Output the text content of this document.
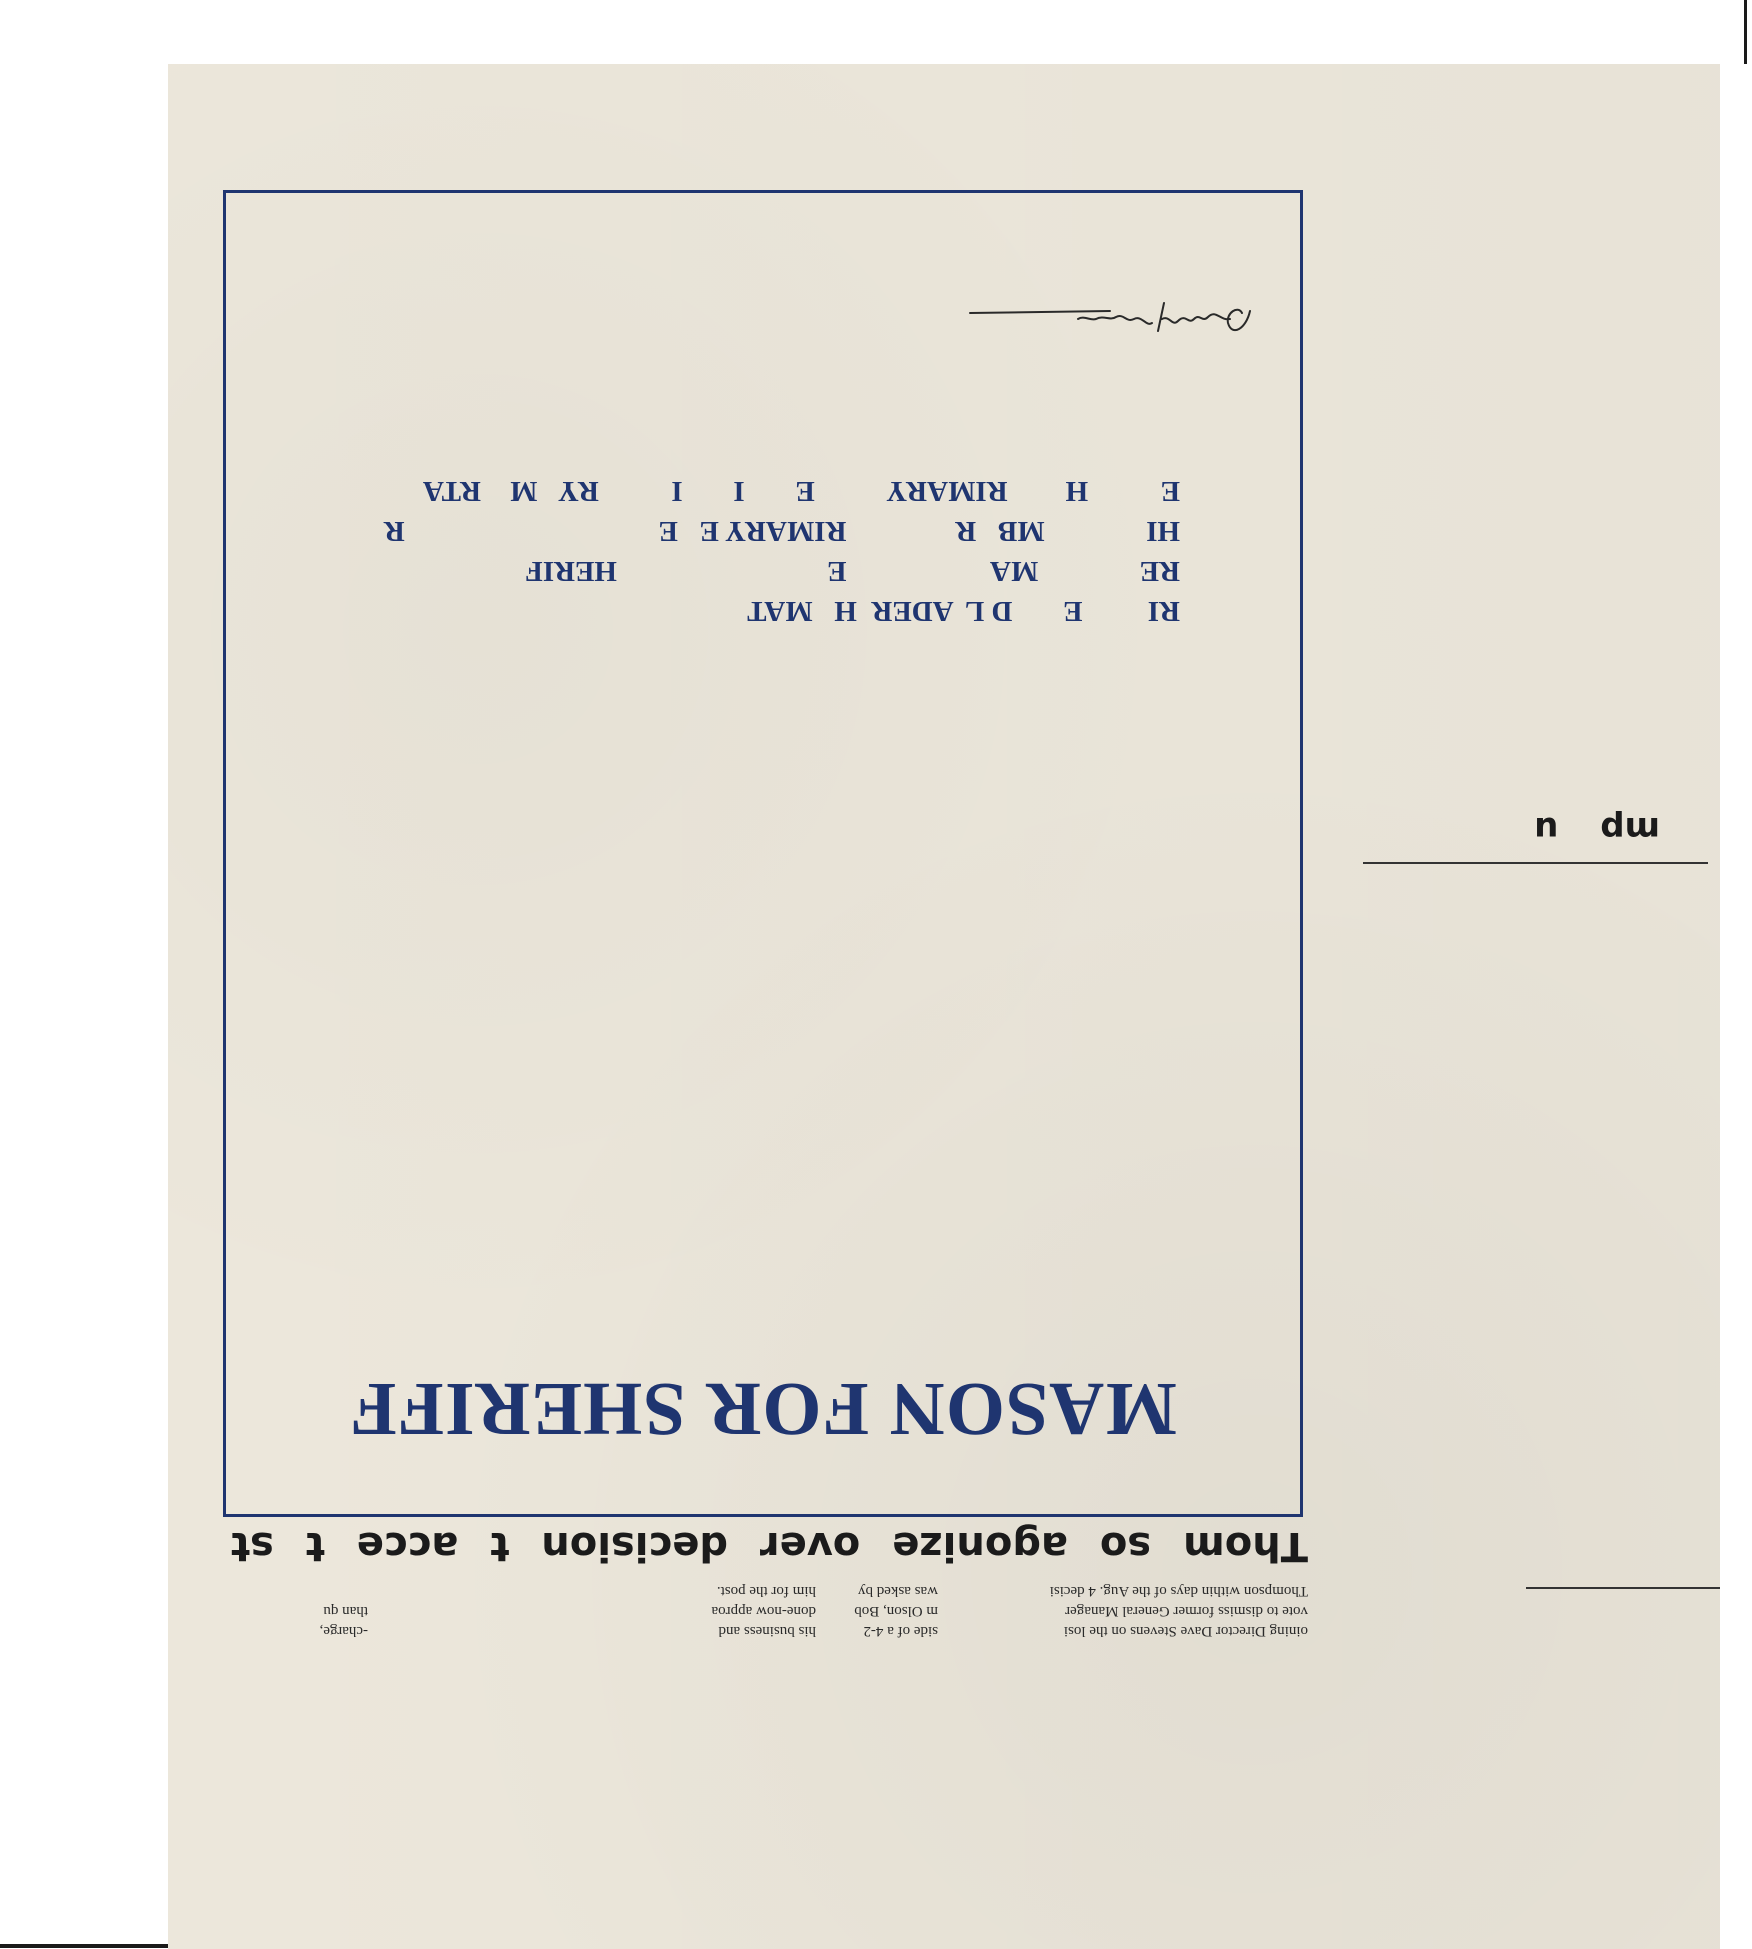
Thom so agonize over decision t acce t st
oining Director Dave Stevens on the losi
vote to dismiss former General Manager
Thompson within days of the Aug. 4 decisi
side of a 4-2
m Olson, Bob
was asked by
his business and
done-now approa
him for the post.
-charge,
than qu
MASON FOR SHERIFF
RI         E       D L  ADER  H   MAT
RE              MA                    E                             HERIF
HI              MB   R               RIMARY E   E                                   R
E          H        RIMARY          E       I       I          RY   M    RTA
mp u
